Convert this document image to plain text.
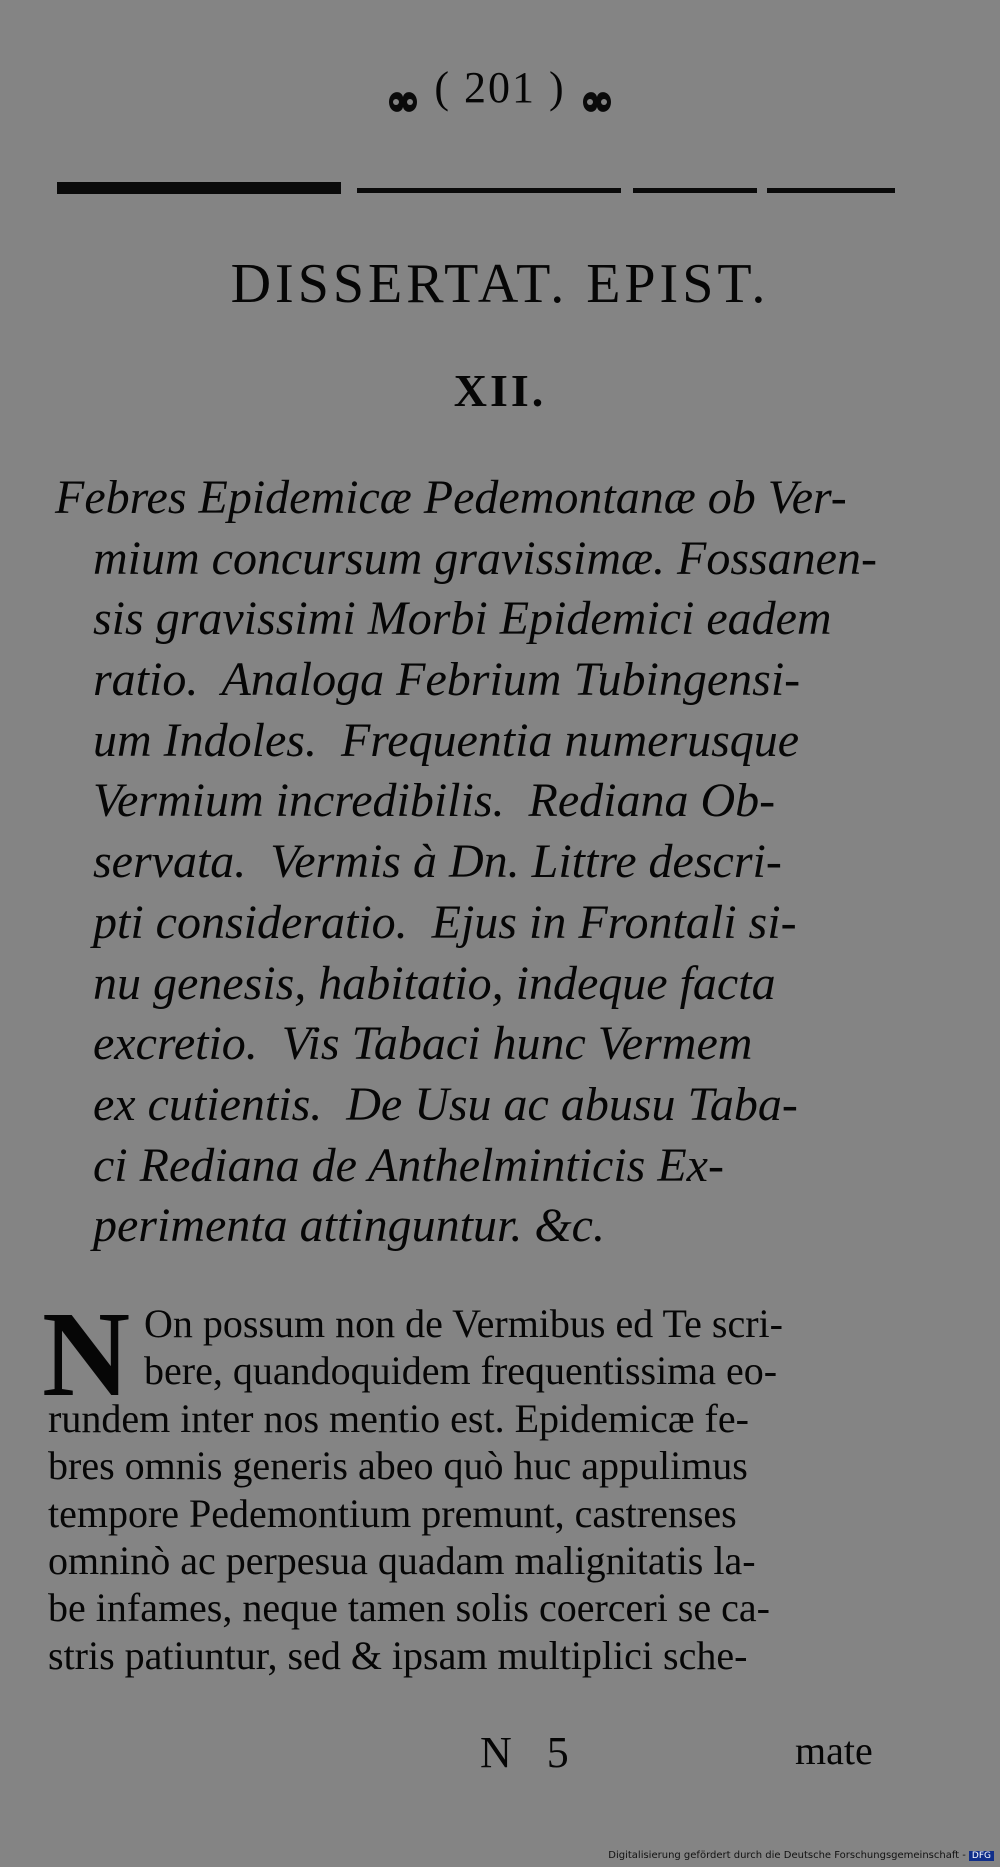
( 201 )
DISSERTAT. EPIST.
XII.
Febres Epidemicæ Pedemontanæ ob Ver-
mium concursum gravissimæ. Fossanen-
sis gravissimi Morbi Epidemici eadem
ratio.  Analoga Febrium Tubingensi-
um Indoles.  Frequentia numerusque
Vermium incredibilis.  Rediana Ob-
servata.  Vermis à Dn. Littre descri-
pti consideratio.  Ejus in Frontali si-
nu genesis, habitatio, indeque facta
excretio.  Vis Tabaci hunc Vermem
ex cutientis.  De Usu ac abusu Taba-
ci Rediana de Anthelminticis Ex-
perimenta attinguntur. &c.
N On possum non de Vermibus ed Te scri-
bere, quandoquidem frequentissima eo-
rundem inter nos mentio est. Epidemicæ fe-
bres omnis generis abeo quò huc appulimus
tempore Pedemontium premunt, castrenses
omninò ac perpesua quadam malignitatis la-
be infames, neque tamen solis coerceri se ca-
stris patiuntur, sed & ipsam multiplici sche-
N 5	mate
Digitalisierung gefördert durch die Deutsche Forschungsgemeinschaft - DFG
